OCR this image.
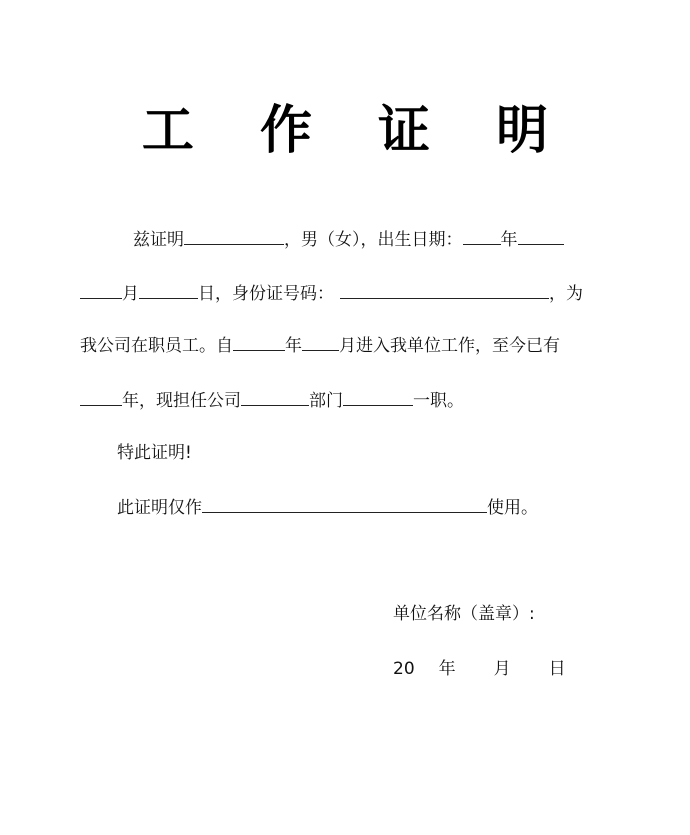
工 作 证 明
兹证明	，男（女），出生日期： 年
月	日，身份证号码：	，为
我公司在职员工。自	年 月进入我单位工作，至今已有
年，现担任公司	部门	一职。
特此证明!
此证明仅作	使用。
单位名称（盖章）:
20 年 月 日
